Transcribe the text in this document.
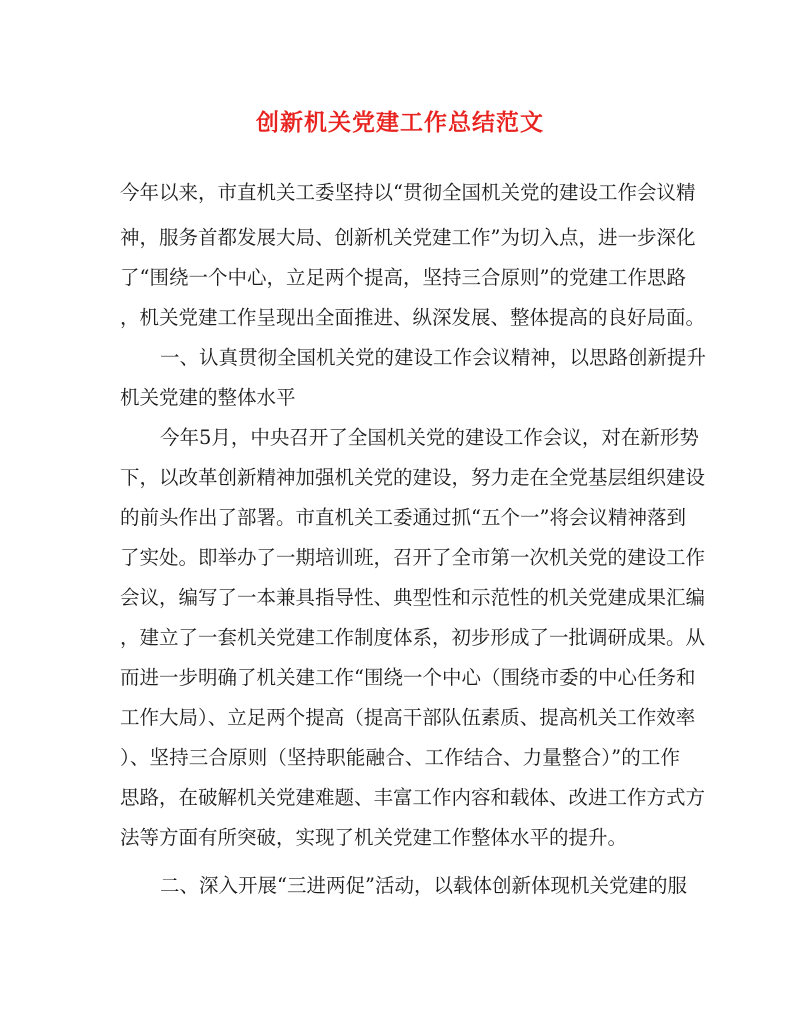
创新机关党建工作总结范文
今年以来，市直机关工委坚持以“贯彻全国机关党的建设工作会议精
神，服务首都发展大局、创新机关党建工作”为切入点，进一步深化
了“围绕一个中心，立足两个提高，坚持三合原则”的党建工作思路
，机关党建工作呈现出全面推进、纵深发展、整体提高的良好局面。
一、认真贯彻全国机关党的建设工作会议精神，以思路创新提升
机关党建的整体水平
今年5月，中央召开了全国机关党的建设工作会议，对在新形势
下，以改革创新精神加强机关党的建设，努力走在全党基层组织建设
的前头作出了部署。市直机关工委通过抓“五个一”将会议精神落到
了实处。即举办了一期培训班，召开了全市第一次机关党的建设工作
会议，编写了一本兼具指导性、典型性和示范性的机关党建成果汇编
，建立了一套机关党建工作制度体系，初步形成了一批调研成果。从
而进一步明确了机关建工作“围绕一个中心（围绕市委的中心任务和
工作大局）、立足两个提高（提高干部队伍素质、提高机关工作效率
）、坚持三合原则（坚持职能融合、工作结合、力量整合）”的工作
思路，在破解机关党建难题、丰富工作内容和载体、改进工作方式方
法等方面有所突破，实现了机关党建工作整体水平的提升。
二、深入开展“三进两促”活动，以载体创新体现机关党建的服
